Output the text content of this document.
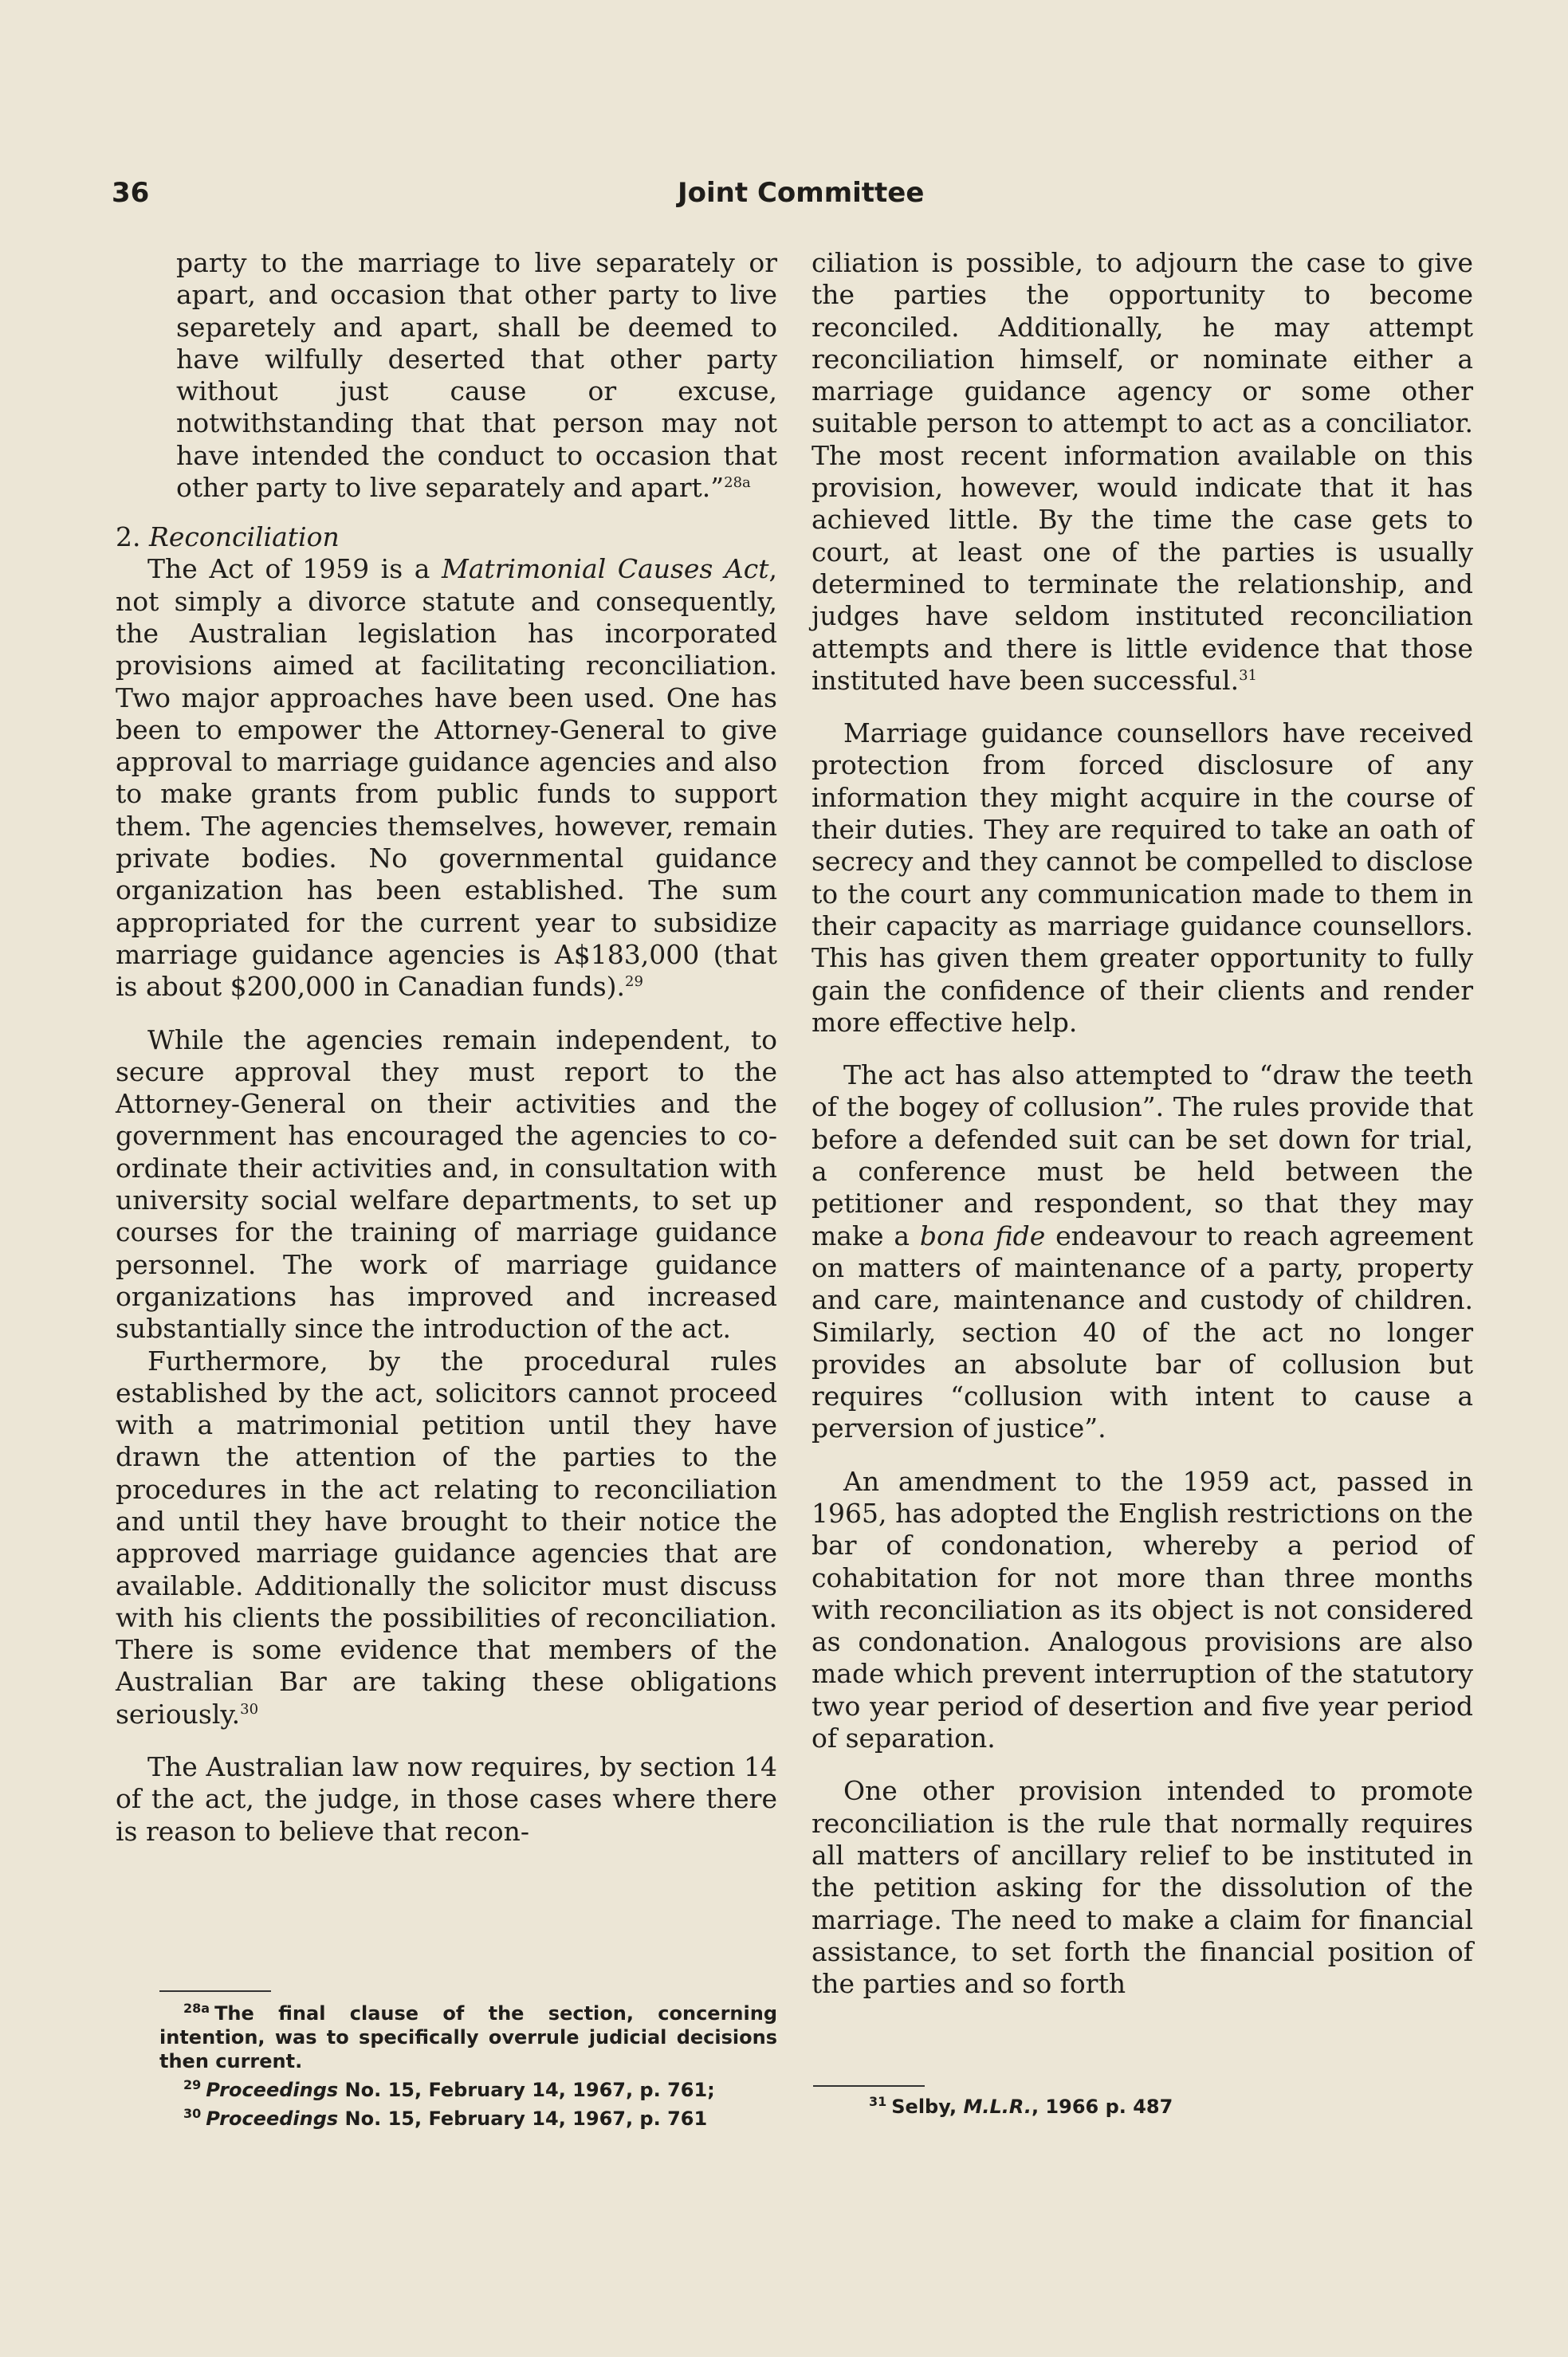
36	Joint Committee

party to the marriage to live separately or apart, and occasion that other party to live separetely and apart, shall be deemed to have wilfully deserted that other party without just cause or excuse, notwithstanding that that person may not have intended the conduct to occasion that other party to live separately and apart.”$^{28a}$

2. Reconciliation

The Act of 1959 is a Matrimonial Causes Act, not simply a divorce statute and consequently, the Australian legislation has incorporated provisions aimed at facilitating reconciliation. Two major approaches have been used. One has been to empower the Attorney-General to give approval to marriage guidance agencies and also to make grants from public funds to support them. The agencies themselves, however, remain private bodies. No governmental guidance organization has been established. The sum appropriated for the current year to subsidize marriage guidance agencies is A$183,000 (that is about $200,000 in Canadian funds).$^{29}$

While the agencies remain independent, to secure approval they must report to the Attorney-General on their activities and the government has encouraged the agencies to co-ordinate their activities and, in consultation with university social welfare departments, to set up courses for the training of marriage guidance personnel. The work of marriage guidance organizations has improved and increased substantially since the introduction of the act.

Furthermore, by the procedural rules established by the act, solicitors cannot proceed with a matrimonial petition until they have drawn the attention of the parties to the procedures in the act relating to reconciliation and until they have brought to their notice the approved marriage guidance agencies that are available. Additionally the solicitor must discuss with his clients the possibilities of reconciliation. There is some evidence that members of the Australian Bar are taking these obligations seriously.$^{30}$

The Australian law now requires, by section 14 of the act, the judge, in those cases where there is reason to believe that recon-

ciliation is possible, to adjourn the case to give the parties the opportunity to become reconciled. Additionally, he may attempt reconciliation himself, or nominate either a marriage guidance agency or some other suitable person to attempt to act as a conciliator. The most recent information available on this provision, however, would indicate that it has achieved little. By the time the case gets to court, at least one of the parties is usually determined to terminate the relationship, and judges have seldom instituted reconciliation attempts and there is little evidence that those instituted have been successful.$^{31}$

Marriage guidance counsellors have received protection from forced disclosure of any information they might acquire in the course of their duties. They are required to take an oath of secrecy and they cannot be compelled to disclose to the court any communication made to them in their capacity as marriage guidance counsellors. This has given them greater opportunity to fully gain the confidence of their clients and render more effective help.

The act has also attempted to “draw the teeth of the bogey of collusion”. The rules provide that before a defended suit can be set down for trial, a conference must be held between the petitioner and respondent, so that they may make a bona fide endeavour to reach agreement on matters of maintenance of a party, property and care, maintenance and custody of children. Similarly, section 40 of the act no longer provides an absolute bar of collusion but requires “collusion with intent to cause a perversion of justice”.

An amendment to the 1959 act, passed in 1965, has adopted the English restrictions on the bar of condonation, whereby a period of cohabitation for not more than three months with reconciliation as its object is not considered as condonation. Analogous provisions are also made which prevent interruption of the statutory two year period of desertion and five year period of separation.

One other provision intended to promote reconciliation is the rule that normally requires all matters of ancillary relief to be instituted in the petition asking for the dissolution of the marriage. The need to make a claim for financial assistance, to set forth the financial position of the parties and so forth

$^{28a}$ The final clause of the section, concerning intention, was to specifically overrule judicial decisions then current.

$^{29}$ Proceedings No. 15, February 14, 1967, p. 761;

$^{30}$ Proceedings No. 15, February 14, 1967, p. 761

$^{31}$ Selby, M.L.R., 1966 p. 487
